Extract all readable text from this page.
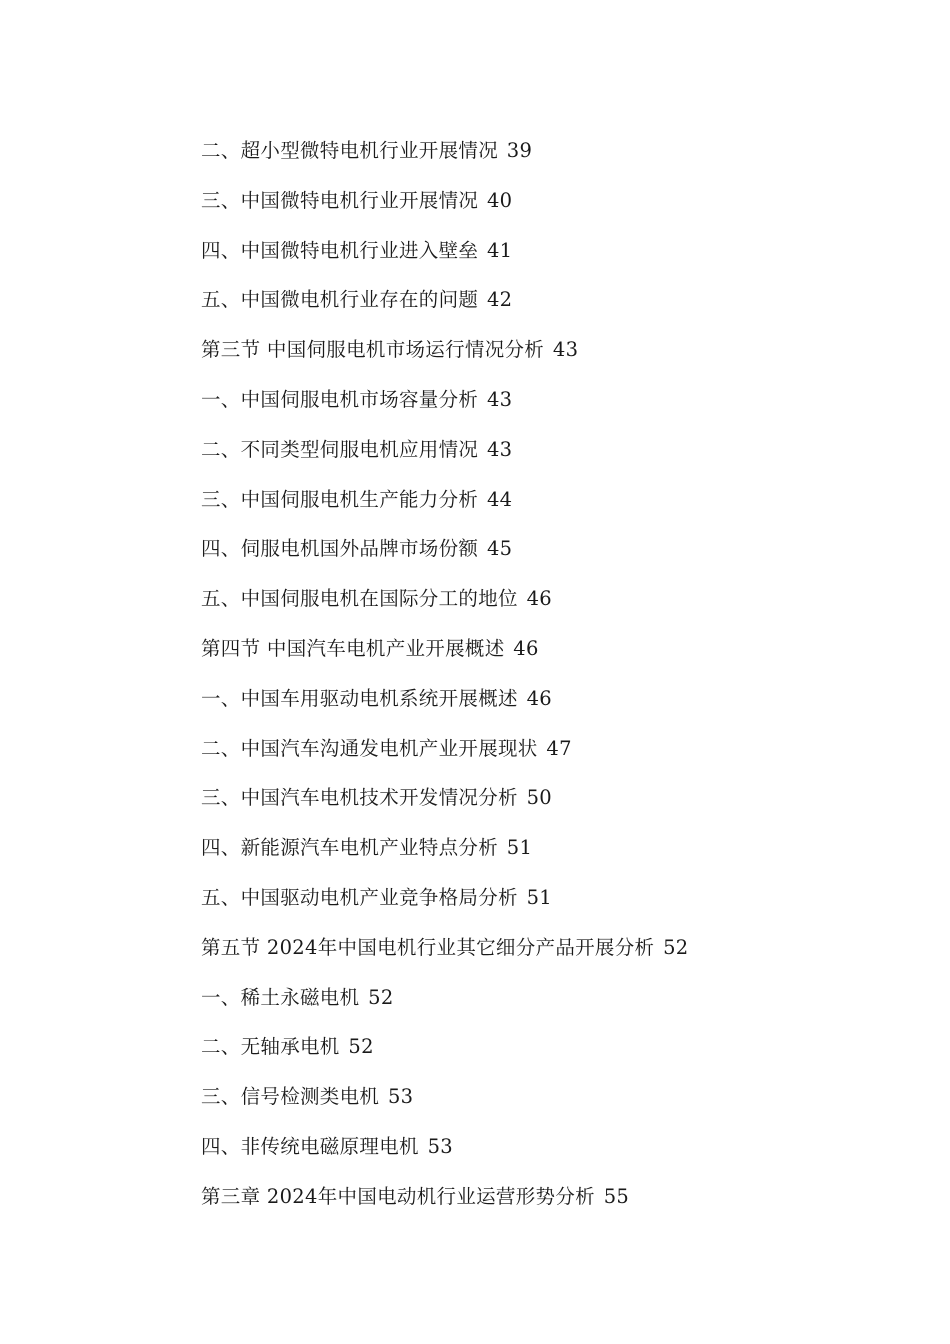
二、超小型微特电机行业开展情况 39
三、中国微特电机行业开展情况 40
四、中国微特电机行业进入壁垒 41
五、中国微电机行业存在的问题 42
第三节 中国伺服电机市场运行情况分析 43
一、中国伺服电机市场容量分析 43
二、不同类型伺服电机应用情况 43
三、中国伺服电机生产能力分析 44
四、伺服电机国外品牌市场份额 45
五、中国伺服电机在国际分工的地位 46
第四节 中国汽车电机产业开展概述 46
一、中国车用驱动电机系统开展概述 46
二、中国汽车沟通发电机产业开展现状 47
三、中国汽车电机技术开发情况分析 50
四、新能源汽车电机产业特点分析 51
五、中国驱动电机产业竞争格局分析 51
第五节 2024年中国电机行业其它细分产品开展分析 52
一、稀土永磁电机 52
二、无轴承电机 52
三、信号检测类电机 53
四、非传统电磁原理电机 53
第三章 2024年中国电动机行业运营形势分析 55
